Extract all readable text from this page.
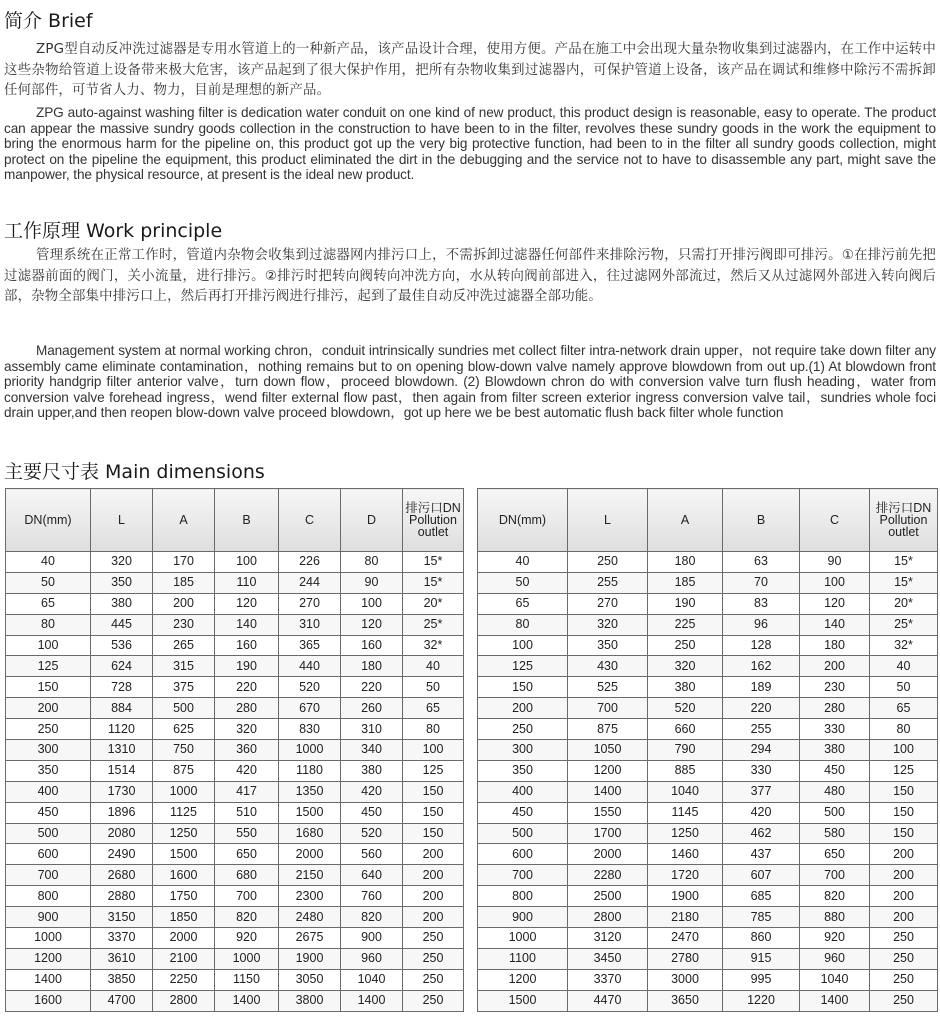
简介 Brief

ZPG型自动反冲洗过滤器是专用水管道上的一种新产品，该产品设计合理，使用方便。产品在施工中会出现大量杂物收集到过滤器内，在工作中运转中这些杂物给管道上设备带来极大危害，该产品起到了很大保护作用，把所有杂物收集到过滤器内，可保护管道上设备，该产品在调试和维修中除污不需拆卸任何部件，可节省人力、物力，目前是理想的新产品。

ZPG auto-against washing filter is dedication water conduit on one kind of new product, this product design is reasonable, easy to operate. The product can appear the massive sundry goods collection in the construction to have been to in the filter, revolves these sundry goods in the work the equipment to bring the enormous harm for the pipeline on, this product got up the very big protective function, had been to in the filter all sundry goods collection, might protect on the pipeline the equipment, this product eliminated the dirt in the debugging and the service not to have to disassemble any part, might save the manpower, the physical resource, at present is the ideal new product.

工作原理 Work principle

管理系统在正常工作时，管道内杂物会收集到过滤器网内排污口上，不需拆卸过滤器任何部件来排除污物，只需打开排污阀即可排污。①在排污前先把过滤器前面的阀门，关小流量，进行排污。②排污时把转向阀转向冲洗方向，水从转向阀前部进入，往过滤网外部流过，然后又从过滤网外部进入转向阀后部，杂物全部集中排污口上，然后再打开排污阀进行排污，起到了最佳自动反冲洗过滤器全部功能。

Management system at normal working chron，conduit intrinsically sundries met collect filter intra-network drain upper，not require take down filter any assembly came eliminate contamination，nothing remains but to on opening blow-down valve namely approve blowdown from out up.(1) At blowdown front priority handgrip filter anterior valve，turn down flow，proceed blowdown. (2) Blowdown chron do with conversion valve turn flush heading，water from conversion valve forehead ingress，wend filter external flow past，then again from filter screen exterior ingress conversion valve tail，sundries whole foci drain upper,and then reopen blow-down valve proceed blowdown，got up here we be best automatic flush back filter whole function

主要尺寸表 Main dimensions
DN(mm)	L	A	B	C	D	排污口DN
Pollution
outlet

40	320	170	100	226	80	15*
50	350	185	110	244	90	15*
65	380	200	120	270	100	20*
80	445	230	140	310	120	25*
100	536	265	160	365	160	32*
125	624	315	190	440	180	40
150	728	375	220	520	220	50
200	884	500	280	670	260	65
250	1120	625	320	830	310	80
300	1310	750	360	1000	340	100
350	1514	875	420	1180	380	125
400	1730	1000	417	1350	420	150
450	1896	1125	510	1500	450	150
500	2080	1250	550	1680	520	150
600	2490	1500	650	2000	560	200
700	2680	1600	680	2150	640	200
800	2880	1750	700	2300	760	200
900	3150	1850	820	2480	820	200
1000	3370	2000	920	2675	900	250
1200	3610	2100	1000	1900	960	250
1400	3850	2250	1150	3050	1040	250
1600	4700	2800	1400	3800	1400	250
DN(mm)	L	A	B	C	排污口DN
Pollution
outlet

40	250	180	63	90	15*
50	255	185	70	100	15*
65	270	190	83	120	20*
80	320	225	96	140	25*
100	350	250	128	180	32*
125	430	320	162	200	40
150	525	380	189	230	50
200	700	520	220	280	65
250	875	660	255	330	80
300	1050	790	294	380	100
350	1200	885	330	450	125
400	1400	1040	377	480	150
450	1550	1145	420	500	150
500	1700	1250	462	580	150
600	2000	1460	437	650	200
700	2280	1720	607	700	200
800	2500	1900	685	820	200
900	2800	2180	785	880	200
1000	3120	2470	860	920	250
1100	3450	2780	915	960	250
1200	3370	3000	995	1040	250
1500	4470	3650	1220	1400	250
